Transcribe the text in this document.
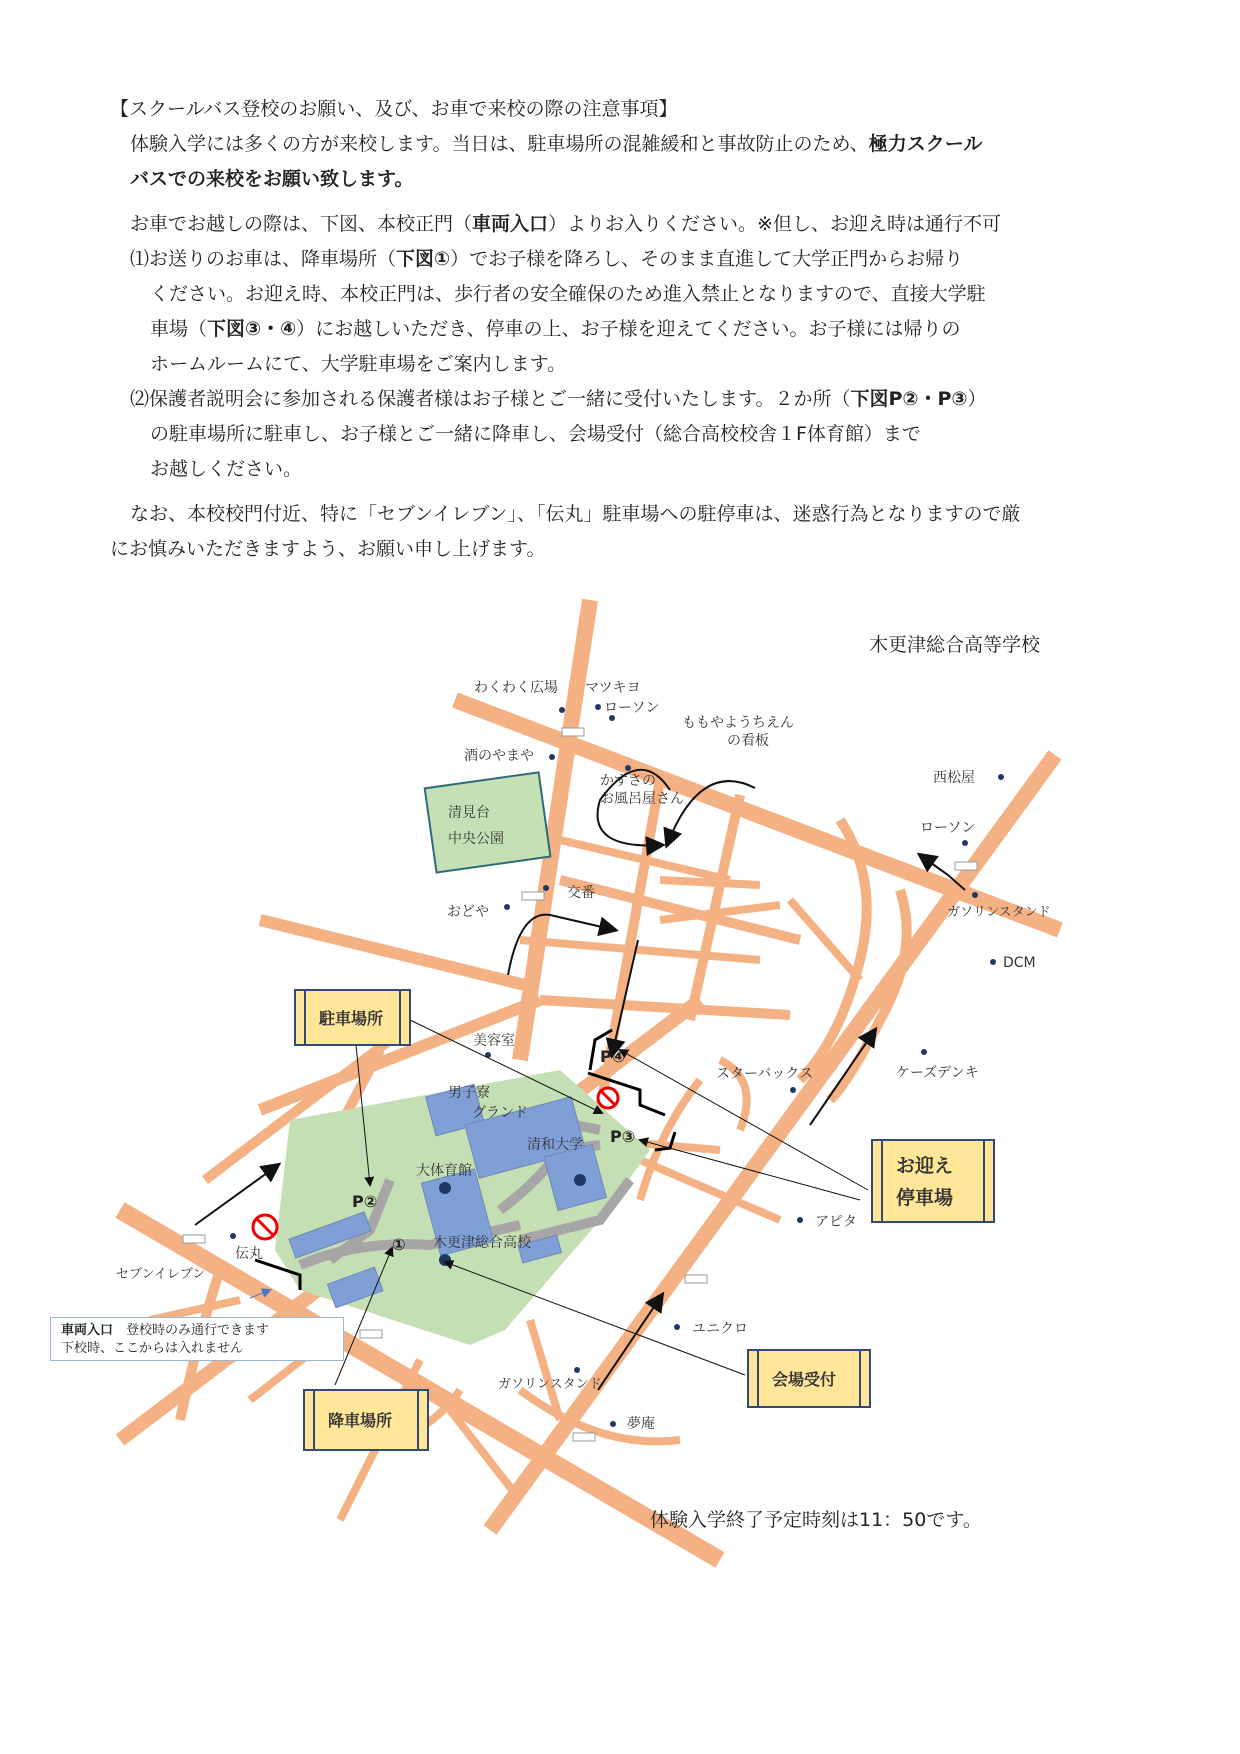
【スクールバス登校のお願い、及び、お車で来校の際の注意事項】
体験入学には多くの方が来校します。当日は、駐車場所の混雑緩和と事故防止のため、極力スクール
バスでの来校をお願い致します。
お車でお越しの際は、下図、本校正門（車両入口）よりお入りください。※但し、お迎え時は通行不可
⑴お送りのお車は、降車場所（下図①）でお子様を降ろし、そのまま直進して大学正門からお帰り
ください。お迎え時、本校正門は、歩行者の安全確保のため進入禁止となりますので、直接大学駐
車場（下図③・④）にお越しいただき、停車の上、お子様を迎えてください。お子様には帰りの
ホームルームにて、大学駐車場をご案内します。
⑵保護者説明会に参加される保護者様はお子様とご一緒に受付いたします。２か所（下図P②・P③）
の駐車場所に駐車し、お子様とご一緒に降車し、会場受付（総合高校校舎１F体育館）まで
お越しください。
なお、本校校門付近、特に「セブンイレブン」、「伝丸」駐車場への駐停車は、迷惑行為となりますので厳
にお慎みいただきますよう、お願い申し上げます。
木更津総合高等学校
清見台
中央公園
わくわく広場 マツキヨ
ローソン
ももやようちえん
の看板
酒のやまや
かずさの
お風呂屋さん
西松屋
ローソン
交番
おどや	ガソリンスタンド
DCM
美容室
男子寮
グランド
清和大学
大体育館
木更津総合高校
スターバックス	ケーズデンキ
アピタ
伝丸
セブンイレブン
ユニクロ
ガソリンスタンド
夢庵
P④
P③
P②
①
駐車場所
降車場所
お迎え
停車場
会場受付
車両入口　 登校時のみ通行できます
下校時、ここからは入れません
体験入学終了予定時刻は11：50です。
